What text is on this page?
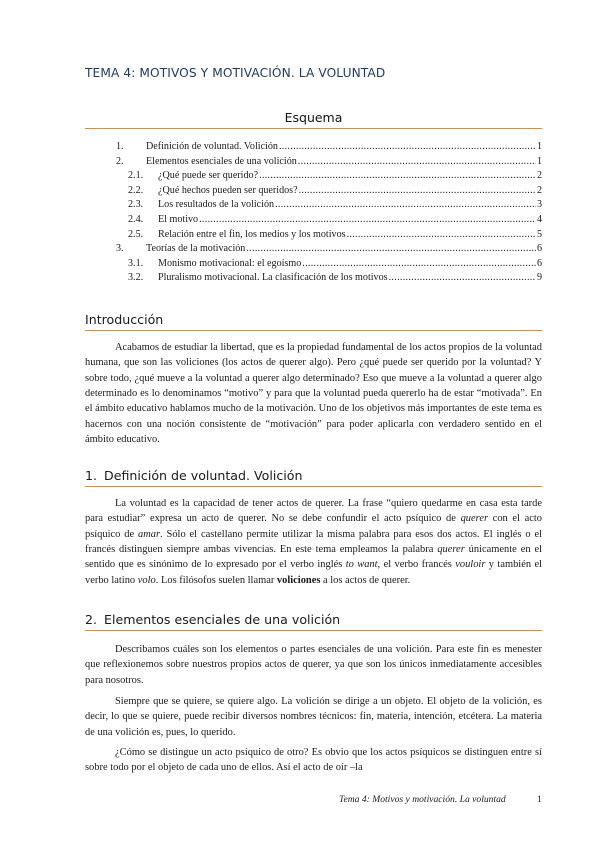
TEMA 4: MOTIVOS Y MOTIVACIÓN. LA VOLUNTAD
Esquema
1.	Definición de voluntad. Volición .....	1
2.	Elementos esenciales de una volición .....	1
2.1.	¿Qué puede ser querido? .....	2
2.2.	¿Qué hechos pueden ser queridos? .....	2
2.3.	Los resultados de la volición .....	3
2.4.	El motivo .....	4
2.5.	Relación entre el fin, los medios y los motivos .....	5
3.	Teorías de la motivación .....	6
3.1.	Monismo motivacional: el egoísmo .....	6
3.2.	Pluralismo motivacional. La clasificación de los motivos .....	9
Introducción

Acabamos de estudiar la libertad, que es la propiedad fundamental de los actos propios de la voluntad humana, que son las voliciones (los actos de querer algo). Pero ¿qué puede ser querido por la voluntad? Y sobre todo, ¿qué mueve a la voluntad a querer algo determinado? Eso que mueve a la voluntad a querer algo determinado es lo denominamos “motivo” y para que la voluntad pueda quererlo ha de estar “motivada”. En el ámbito educativo hablamos mucho de la motivación. Uno de los objetivos más importantes de este tema es hacernos con una noción consistente de “motivación” para poder aplicarla con verdadero sentido en el ámbito educativo.

1. Definición de voluntad. Volición

La voluntad es la capacidad de tener actos de querer. La frase “quiero quedarme en casa esta tarde para estudiar” expresa un acto de querer. No se debe confundir el acto psíquico de querer con el acto psíquico de amar. Sólo el castellano permite utilizar la misma palabra para esos dos actos. El inglés o el francés distinguen siempre ambas vivencias. En este tema empleamos la palabra querer únicamente en el sentido que es sinónimo de lo expresado por el verbo inglés to want, el verbo francés vouloir y también el verbo latino volo. Los filósofos suelen llamar voliciones a los actos de querer.

2. Elementos esenciales de una volición

Describamos cuáles son los elementos o partes esenciales de una volición. Para este fin es menester que reflexionemos sobre nuestros propios actos de querer, ya que son los únicos inmediatamente accesibles para nosotros.

Siempre que se quiere, se quiere algo. La volición se dirige a un objeto. El objeto de la volición, es decir, lo que se quiere, puede recibir diversos nombres técnicos: fin, materia, intención, etcétera. La materia de una volición es, pues, lo querido.

¿Cómo se distingue un acto psíquico de otro? Es obvio que los actos psíquicos se distinguen entre sí sobre todo por el objeto de cada uno de ellos. Así el acto de oír –la

Tema 4: Motivos y motivación. La voluntad	1
